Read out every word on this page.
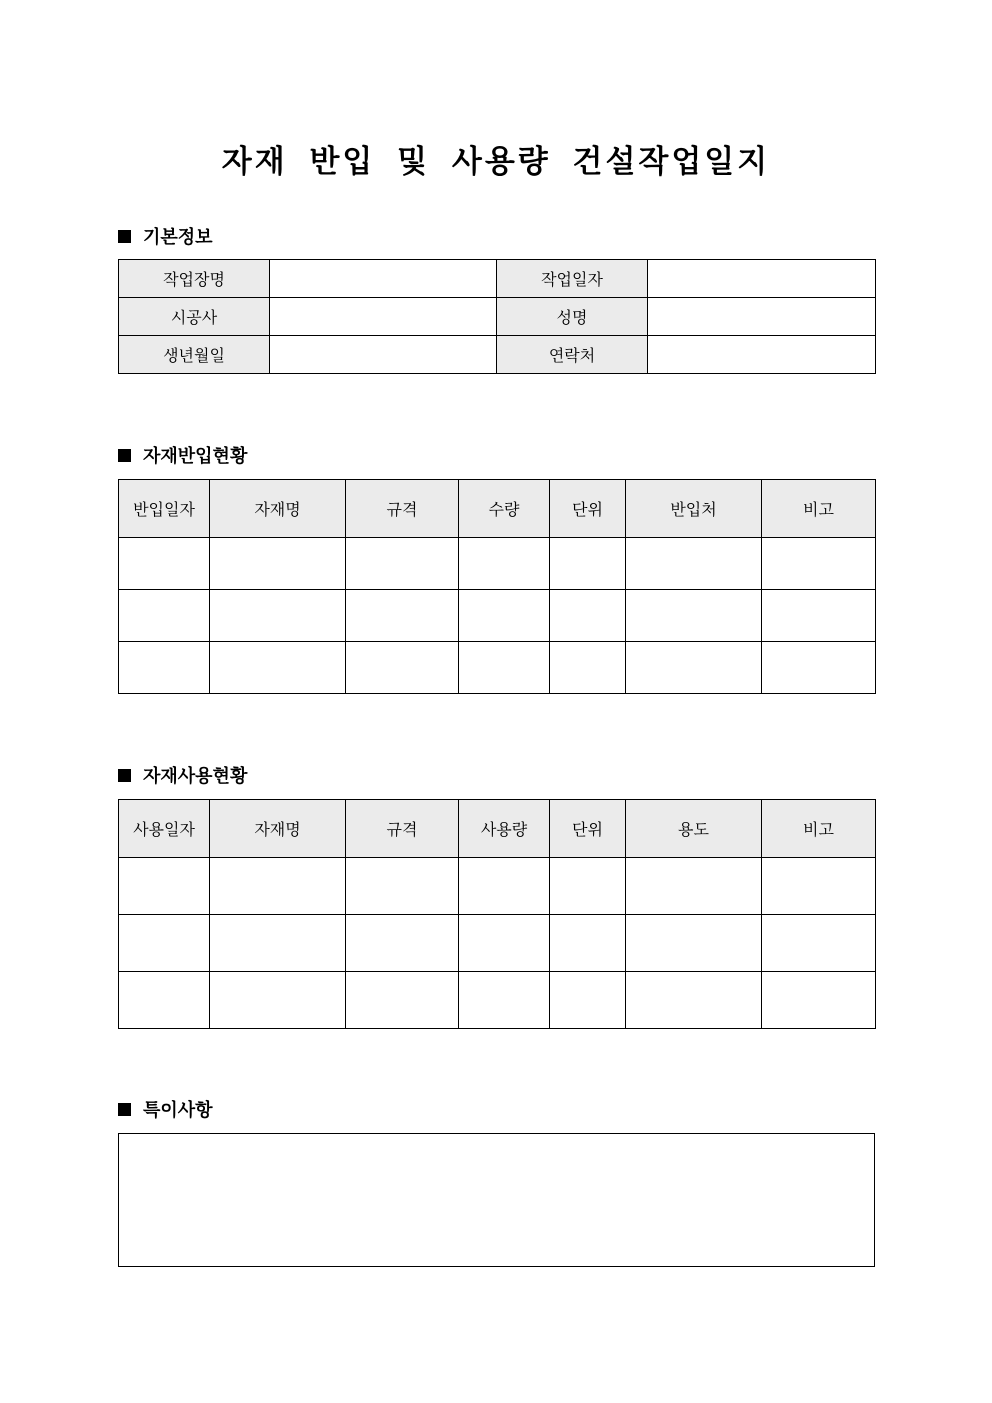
자재 반입 및 사용량 건설작업일지
기본정보
작업장명		작업일자	
시공사		성명	
생년월일		연락처	
자재반입현황
반입일자	자재명	규격	수량	단위	반입처	비고

자재사용현황
사용일자	자재명	규격	사용량	단위	용도	비고

특이사항
